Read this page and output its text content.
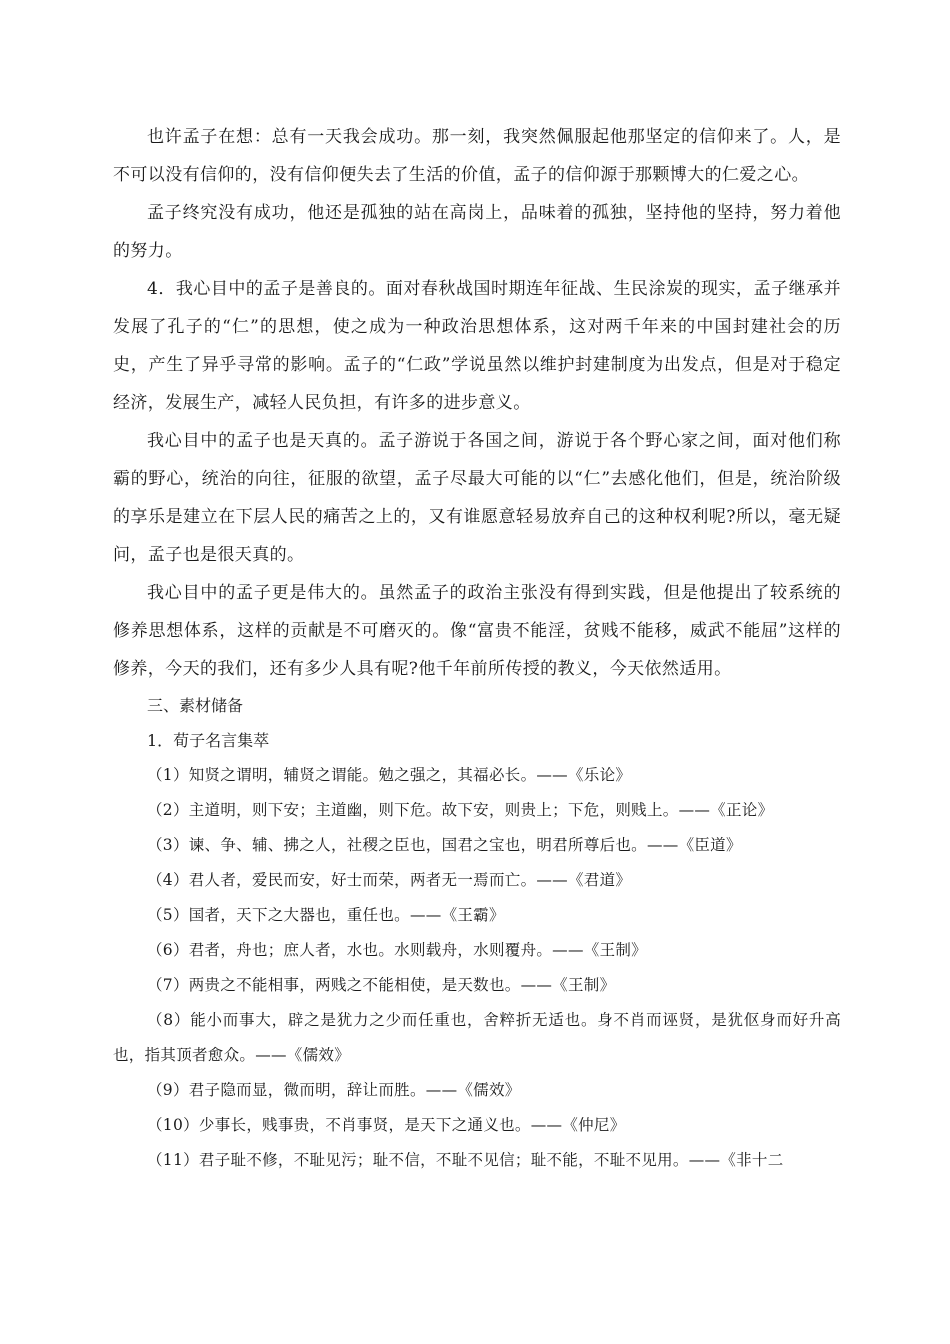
也许孟子在想：总有一天我会成功。那一刻，我突然佩服起他那坚定的信仰来了。人，是不可以没有信仰的，没有信仰便失去了生活的价值，孟子的信仰源于那颗博大的仁爱之心。

孟子终究没有成功，他还是孤独的站在高岗上，品味着的孤独，坚持他的坚持，努力着他的努力。

4．我心目中的孟子是善良的。面对春秋战国时期连年征战、生民涂炭的现实，孟子继承并发展了孔子的“仁”的思想，使之成为一种政治思想体系，这对两千年来的中国封建社会的历史，产生了异乎寻常的影响。孟子的“仁政”学说虽然以维护封建制度为出发点，但是对于稳定经济，发展生产，减轻人民负担，有许多的进步意义。

我心目中的孟子也是天真的。孟子游说于各国之间，游说于各个野心家之间，面对他们称霸的野心，统治的向往，征服的欲望，孟子尽最大可能的以“仁”去感化他们，但是，统治阶级的享乐是建立在下层人民的痛苦之上的，又有谁愿意轻易放弃自己的这种权利呢?所以，毫无疑问，孟子也是很天真的。

我心目中的孟子更是伟大的。虽然孟子的政治主张没有得到实践，但是他提出了较系统的修养思想体系，这样的贡献是不可磨灭的。像“富贵不能淫，贫贱不能移，威武不能屈”这样的修养，今天的我们，还有多少人具有呢?他千年前所传授的教义，今天依然适用。

三、素材储备

1．荀子名言集萃

（1）知贤之谓明，辅贤之谓能。勉之强之，其福必长。——《乐论》

（2）主道明，则下安；主道幽，则下危。故下安，则贵上；下危，则贱上。——《正论》

（3）谏、争、辅、拂之人，社稷之臣也，国君之宝也，明君所尊后也。——《臣道》

（4）君人者，爱民而安，好士而荣，两者无一焉而亡。——《君道》

（5）国者，天下之大器也，重任也。——《王霸》

（6）君者，舟也；庶人者，水也。水则载舟，水则覆舟。——《王制》

（7）两贵之不能相事，两贱之不能相使，是天数也。——《王制》

（8）能小而事大，辟之是犹力之少而任重也，舍粹折无适也。身不肖而诬贤，是犹伛身而好升高也，指其顶者愈众。——《儒效》

（9）君子隐而显，微而明，辞让而胜。——《儒效》

（10）少事长，贱事贵，不肖事贤，是天下之通义也。——《仲尼》

（11）君子耻不修，不耻见污；耻不信，不耻不见信；耻不能，不耻不见用。——《非十二
